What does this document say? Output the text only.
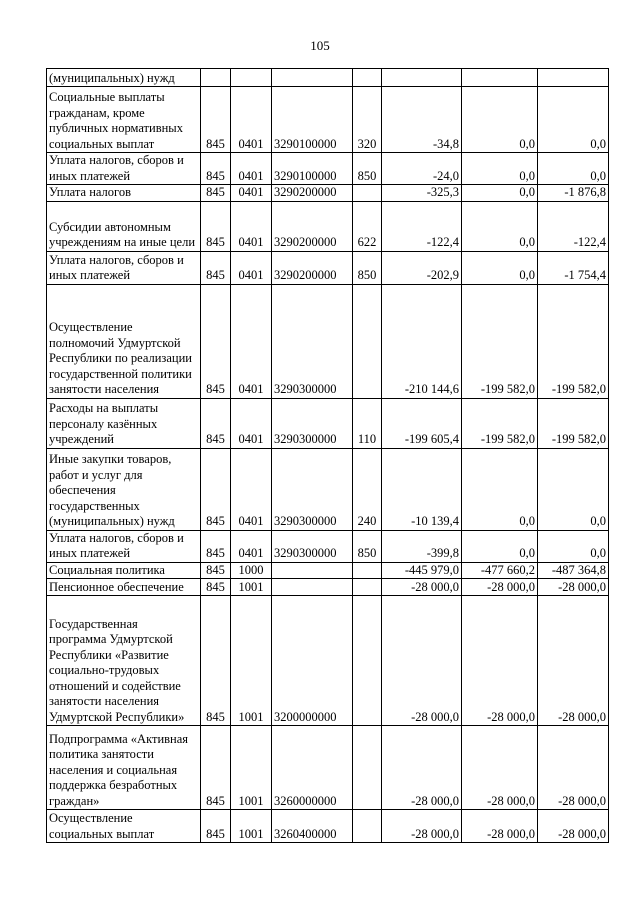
105
(муниципальных) нужд							
Социальные выплаты гражданам, кроме публичных нормативных социальных выплат	845	0401	3290100000	320	-34,8	0,0	0,0
Уплата налогов, сборов и иных платежей	845	0401	3290100000	850	-24,0	0,0	0,0
Уплата налогов	845	0401	3290200000		-325,3	0,0	-1 876,8
Субсидии автономным учреждениям на иные цели	845	0401	3290200000	622	-122,4	0,0	-122,4
Уплата налогов, сборов и иных платежей	845	0401	3290200000	850	-202,9	0,0	-1 754,4
Осуществление полномочий Удмуртской Республики по реализации государственной политики занятости населения	845	0401	3290300000		-210 144,6	-199 582,0	-199 582,0
Расходы на выплаты персоналу казённых учреждений	845	0401	3290300000	110	-199 605,4	-199 582,0	-199 582,0
Иные закупки товаров, работ и услуг для обеспечения государственных (муниципальных) нужд	845	0401	3290300000	240	-10 139,4	0,0	0,0
Уплата налогов, сборов и иных платежей	845	0401	3290300000	850	-399,8	0,0	0,0
Социальная политика	845	1000			-445 979,0	-477 660,2	-487 364,8
Пенсионное обеспечение	845	1001			-28 000,0	-28 000,0	-28 000,0
Государственная программа Удмуртской Республики «Развитие социально-трудовых отношений и содействие занятости населения Удмуртской Республики»	845	1001	3200000000		-28 000,0	-28 000,0	-28 000,0
Подпрограмма «Активная политика занятости населения и социальная поддержка безработных граждан»	845	1001	3260000000		-28 000,0	-28 000,0	-28 000,0
Осуществление социальных выплат	845	1001	3260400000		-28 000,0	-28 000,0	-28 000,0
